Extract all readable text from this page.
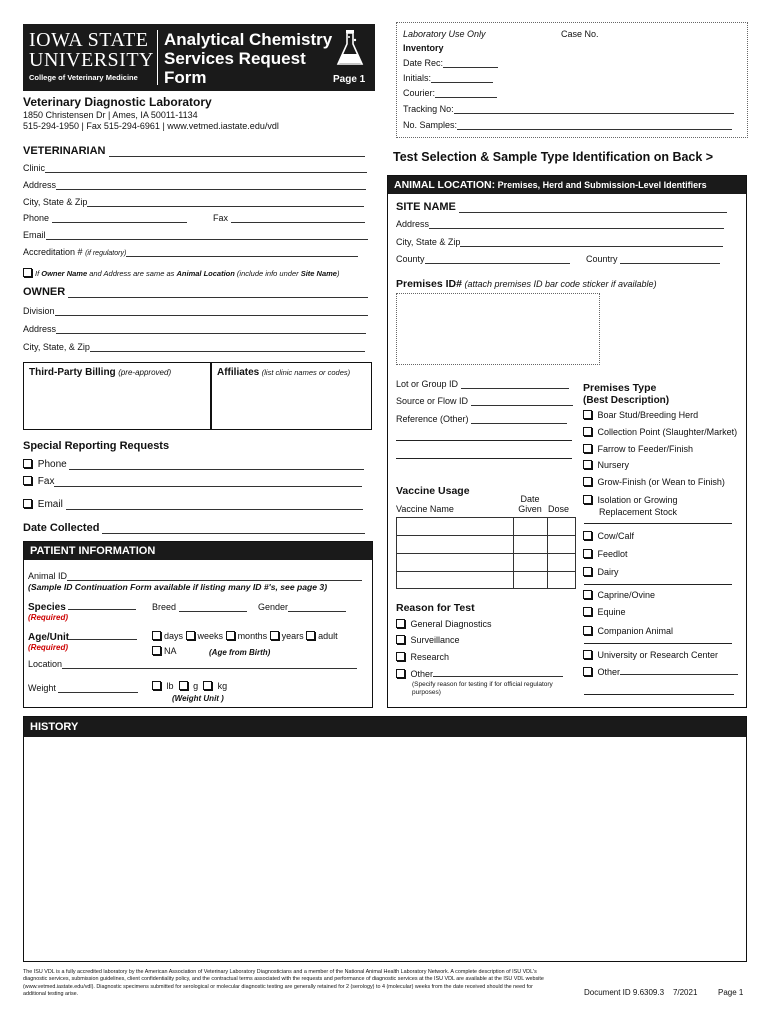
IOWA STATE
UNIVERSITY
College of Veterinary Medicine
Analytical Chemistry
Services Request
Form	Page 1
Veterinary Diagnostic Laboratory
1850 Christensen Dr | Ames, IA 50011-1134
515-294-1950 | Fax 515-294-6961 | www.vetmed.iastate.edu/vdl
Laboratory Use Only	Case No.
Inventory
Date Rec:
Initials:
Courier:
Tracking No:
No. Samples:
Test Selection & Sample Type Identification on Back >
VETERINARIAN
Clinic
Address
City, State & Zip
Phone	Fax
Email
Accreditation # (if regulatory)
If Owner Name and Address are same as Animal Location (include info under Site Name)
OWNER
Division
Address
City, State, & Zip
Third-Party Billing (pre-approved)	Affiliates (list clinic names or codes)
Special Reporting Requests
Phone
Fax
Email
Date Collected
PATIENT INFORMATION
Animal ID
(Sample ID Continuation Form available if listing many ID #'s, see page 3)
Species
(Required)
Breed	Gender
Age/Unit
(Required)
days weeks months years adult
NA	(Age from Birth)
Location
Weight	lb g kg
(Weight Unit )
ANIMAL LOCATION: Premises, Herd and Submission-Level Identifiers
SITE NAME
Address
City, State & Zip
County	Country
Premises ID# (attach premises ID bar code sticker if available)
Lot or Group ID
Source or Flow ID
Reference (Other)
Vaccine Usage
Vaccine Name
Date
Given Dose
Reason for Test
General Diagnostics
Surveillance
Research
Other
(Specify reason for testing if for official regulatory purposes)
Premises Type
(Best Description)
Boar Stud/Breeding Herd
Collection Point (Slaughter/Market)
Farrow to Feeder/Finish
Nursery
Grow-Finish (or Wean to Finish)
Isolation or Growing
Replacement Stock
Cow/Calf
Feedlot
Dairy
Caprine/Ovine
Equine
Companion Animal
University or Research Center
Other
HISTORY
The ISU VDL is a fully accredited laboratory by the American Association of Veterinary Laboratory Diagnosticians and a member of the National Animal Health Laboratory Network. A complete description of ISU VDL's diagnostic services, submission guidelines, client confidentiality policy, and the contractual terms associated with the requests and performance of diagnostic services at the ISU VDL are available at the ISU VDL website (www.vetmed.iastate.edu/vdl). Diagnostic specimens submitted for serological or molecular diagnostic testing are generally retained for 2 (serology) to 4 (molecular) weeks from the date received should the need for additional testing arise.	Document ID 9.6309.3    7/2021	Page 1
